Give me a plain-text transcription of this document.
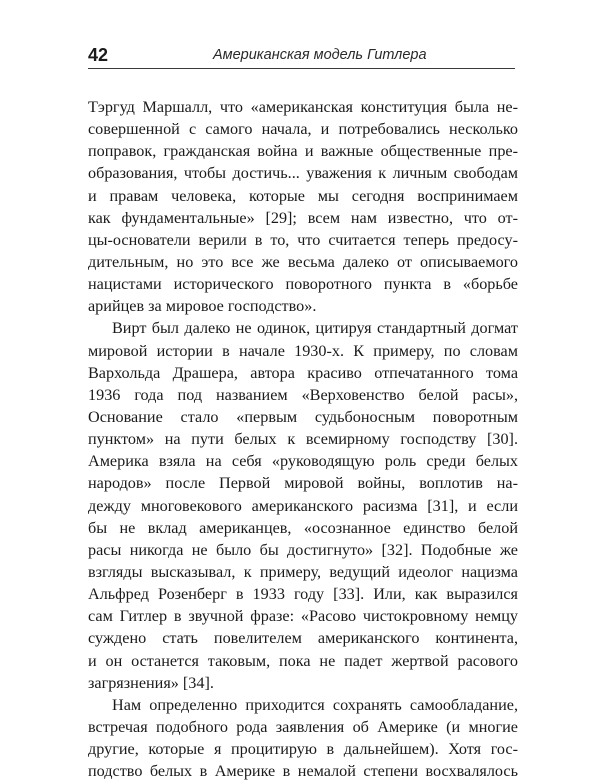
42	Американская модель Гитлера

Тэргуд Маршалл, что «американская конституция была не-
совершенной с самого начала, и потребовались несколько
поправок, гражданская война и важные общественные пре-
образования, чтобы достичь... уважения к личным свободам
и правам человека, которые мы сегодня воспринимаем
как фундаментальные» [29]; всем нам известно, что от-
цы-основатели верили в то, что считается теперь предосу-
дительным, но это все же весьма далеко от описываемого
нацистами исторического поворотного пункта в «борьбе
арийцев за мировое господство».

Вирт был далеко не одинок, цитируя стандартный догмат
мировой истории в начале 1930-х. К примеру, по словам
Вархольда Драшера, автора красиво отпечатанного тома
1936 года под названием «Верховенство белой расы»,
Основание стало «первым судьбоносным поворотным
пунктом» на пути белых к всемирному господству [30].
Америка взяла на себя «руководящую роль среди белых
народов» после Первой мировой войны, воплотив на-
дежду многовекового американского расизма [31], и если
бы не вклад американцев, «осознанное единство белой
расы никогда не было бы достигнуто» [32]. Подобные же
взгляды высказывал, к примеру, ведущий идеолог нацизма
Альфред Розенберг в 1933 году [33]. Или, как выразился
сам Гитлер в звучной фразе: «Расово чистокровному немцу
суждено стать повелителем американского континента,
и он останется таковым, пока не падет жертвой расового
загрязнения» [34].

Нам определенно приходится сохранять самообладание,
встречая подобного рода заявления об Америке (и многие
другие, которые я процитирую в дальнейшем). Хотя гос-
подство белых в Америке в немалой степени восхвалялось
